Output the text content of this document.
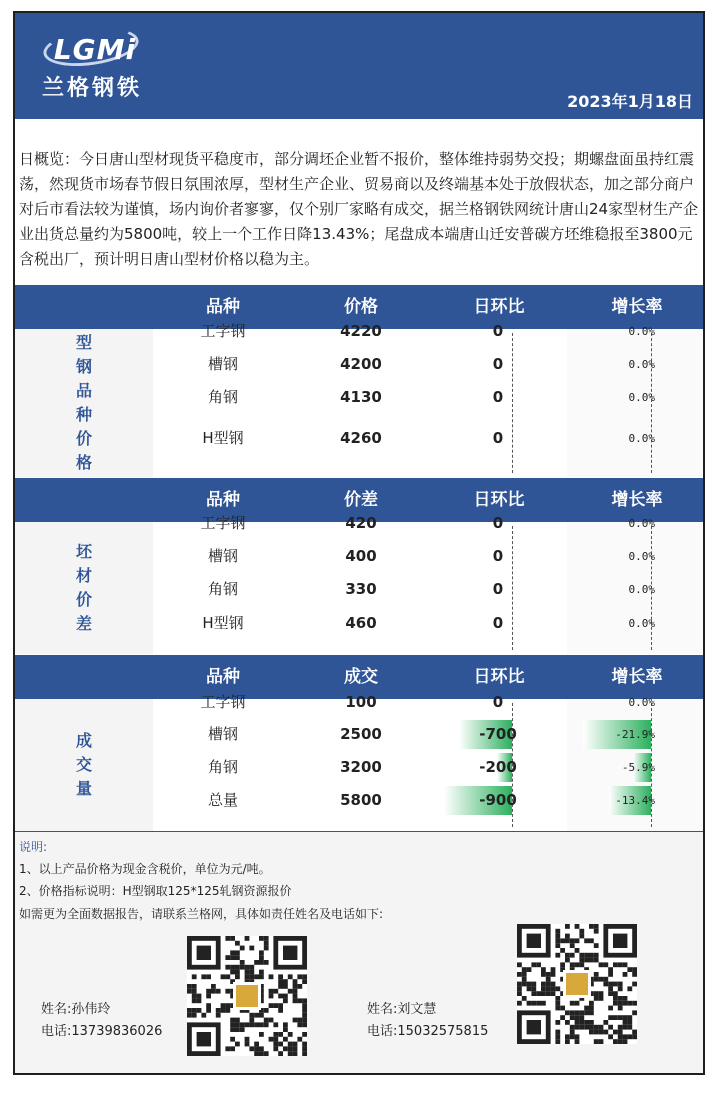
LGMi
兰格钢铁
2023年1月18日
日概览：今日唐山型材现货平稳度市，部分调坯企业暂不报价，整体维持弱势交投；期螺盘面虽持红震荡，然现货市场春节假日氛围浓厚，型材生产企业、贸易商以及终端基本处于放假状态，加之部分商户对后市看法较为谨慎，场内询价者寥寥，仅个别厂家略有成交，据兰格钢铁网统计唐山24家型材生产企业出货总量约为5800吨，较上一个工作日降13.43%；尾盘成本端唐山迁安普碳方坯维稳报至3800元含税出厂，预计明日唐山型材价格以稳为主。
品种	价格	日环比	增长率
型
钢
品
种
价
格
工字钢	4220	0	0.0%
槽钢	4200	0	0.0%
角钢	4130	0	0.0%
H型钢	4260	0	0.0%
品种	价差	日环比	增长率
坯
材
价
差
工字钢	420	0	0.0%
槽钢	400	0	0.0%
角钢	330	0	0.0%
H型钢	460	0	0.0%
品种	成交	日环比	增长率
成
交
量
工字钢	100	0	0.0%
槽钢	2500	-700	-21.9%
角钢	3200	-200	-5.9%
总量	5800	-900	-13.4%
说明:
1、以上产品价格为现金含税价，单位为元/吨。
2、价格指标说明：H型钢取125*125轧钢资源报价
如需更为全面数据报告，请联系兰格网，具体如责任姓名及电话如下:
姓名:孙伟玲
电话:13739836026
姓名:刘文慧
电话:15032575815
